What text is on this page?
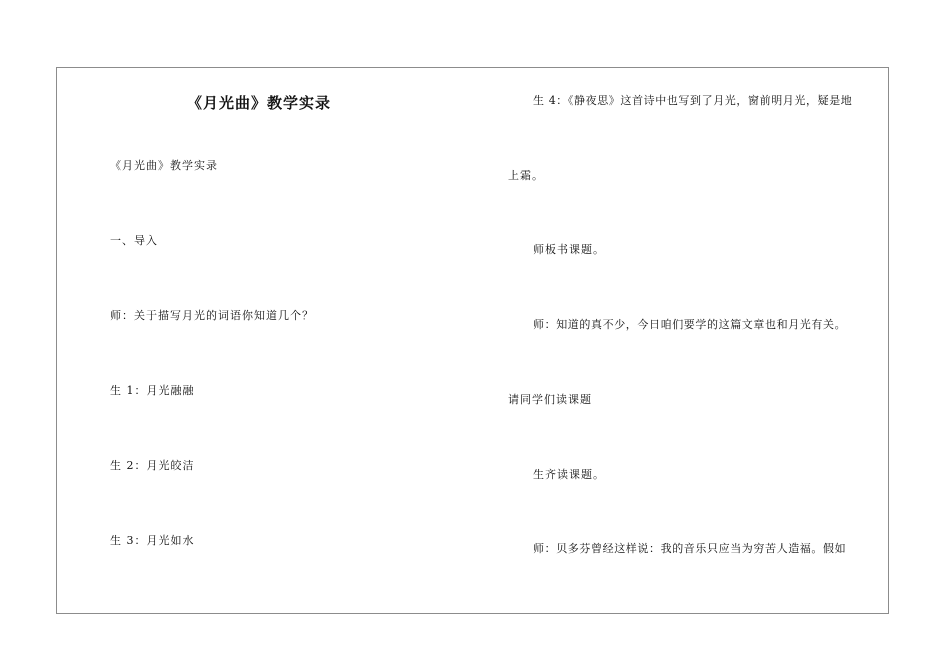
《月光曲》教学实录
《月光曲》教学实录
一、导入
师：关于描写月光的词语你知道几个？
生 1：月光融融
生 2：月光皎洁
生 3：月光如水
生 4：《静夜思》这首诗中也写到了月光，窗前明月光，疑是地
上霜。
师板书课题。
师：知道的真不少，今日咱们要学的这篇文章也和月光有关。
请同学们读课题
生齐读课题。
师：贝多芬曾经这样说：我的音乐只应当为穷苦人造福。假如
